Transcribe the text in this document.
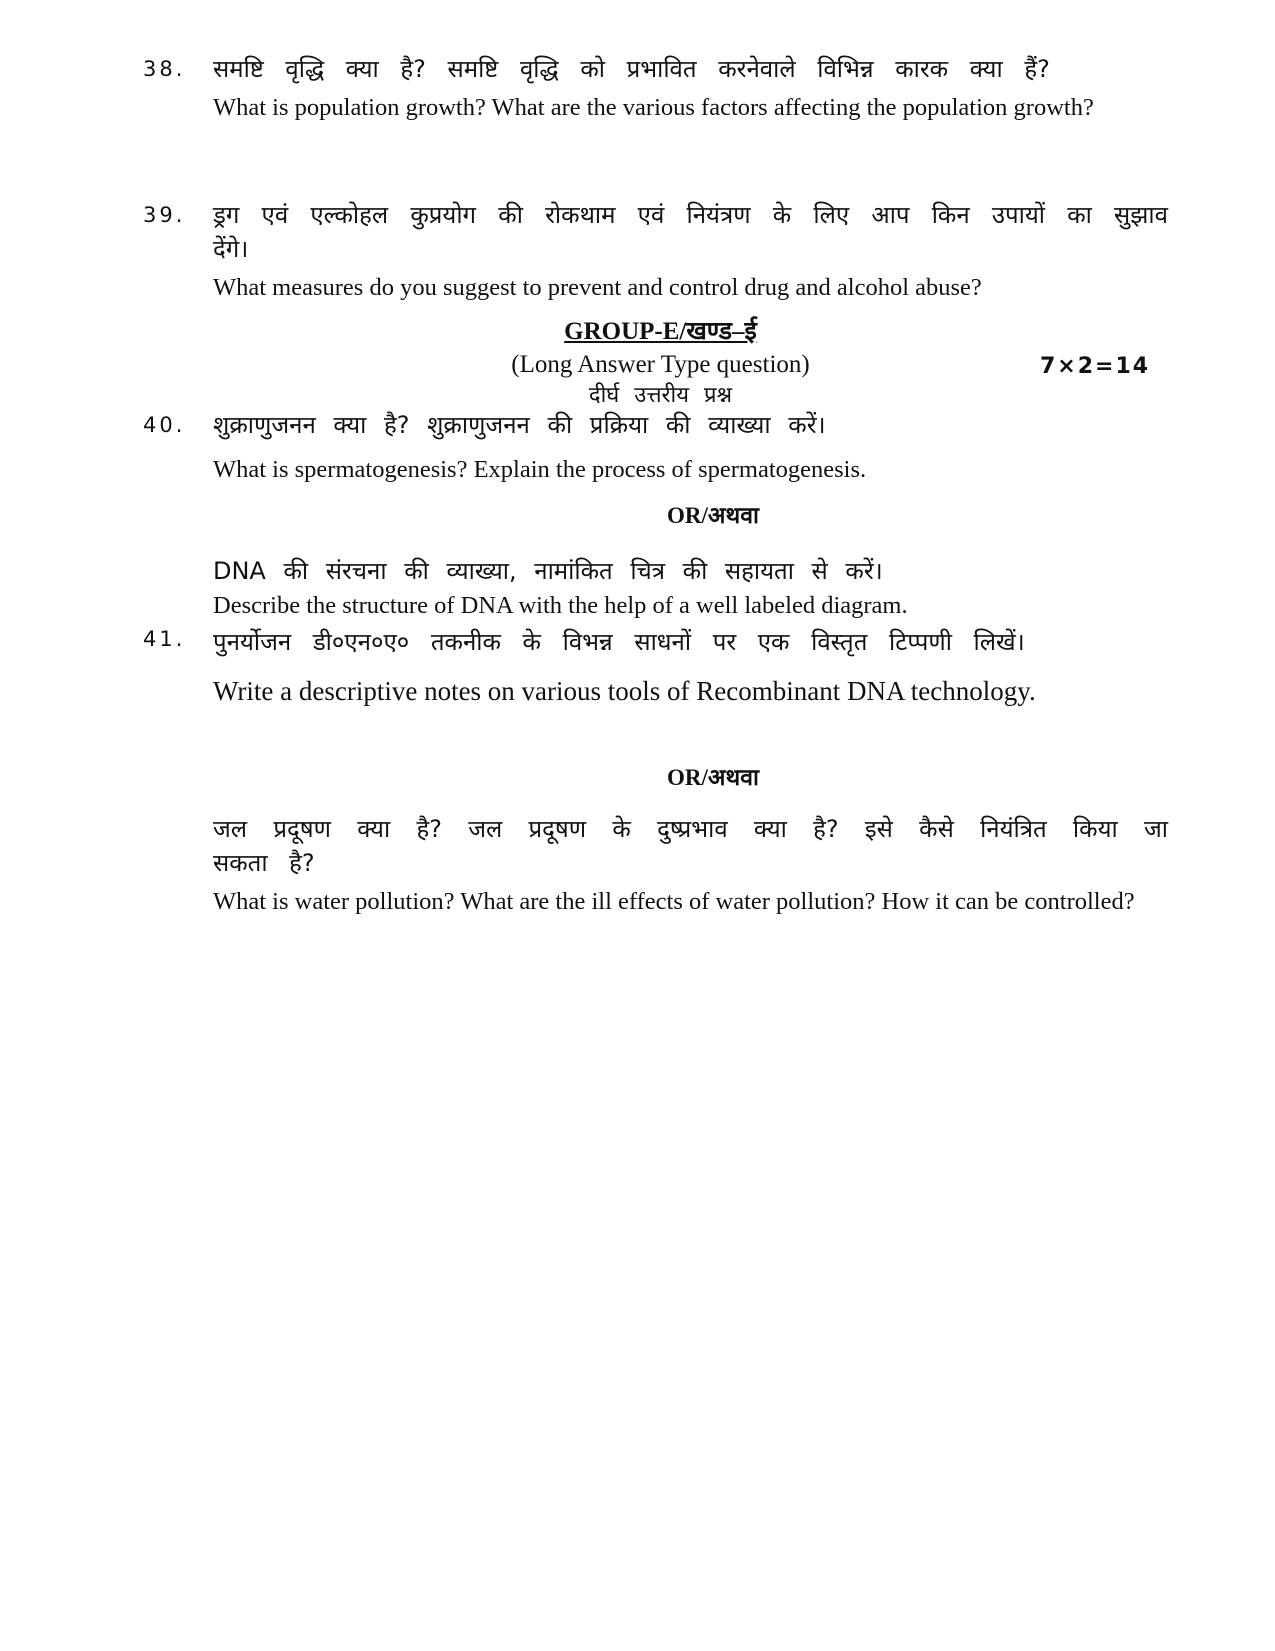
38.	समष्टि वृद्धि क्या है? समष्टि वृद्धि को प्रभावित करनेवाले विभिन्न कारक क्या हैं?
What is population growth? What are the various factors affecting the population growth?
39.	ड्रग एवं एल्कोहल कुप्रयोग की रोकथाम एवं नियंत्रण के लिए आप किन उपायों का सुझाव देंगे।
What measures do you suggest to prevent and control drug and alcohol abuse?
GROUP-E/खण्ड–ई
(Long Answer Type question)
दीर्घ उत्तरीय प्रश्न
7×2=14
40.	शुक्राणुजनन क्या है? शुक्राणुजनन की प्रक्रिया की व्याख्या करें।
What is spermatogenesis? Explain the process of spermatogenesis.
OR/अथवा
DNA की संरचना की व्याख्या, नामांकित चित्र की सहायता से करें।
Describe the structure of DNA with the help of a well labeled diagram.
41.	पुनर्योजन डी०एन०ए० तकनीक के विभन्न साधनों पर एक विस्तृत टिप्पणी लिखें।
Write a descriptive notes on various tools of Recombinant DNA technology.
OR/अथवा
जल प्रदूषण क्या है? जल प्रदूषण के दुष्प्रभाव क्या है? इसे कैसे नियंत्रित किया जा सकता है?
What is water pollution? What are the ill effects of water pollution? How it can be controlled?
